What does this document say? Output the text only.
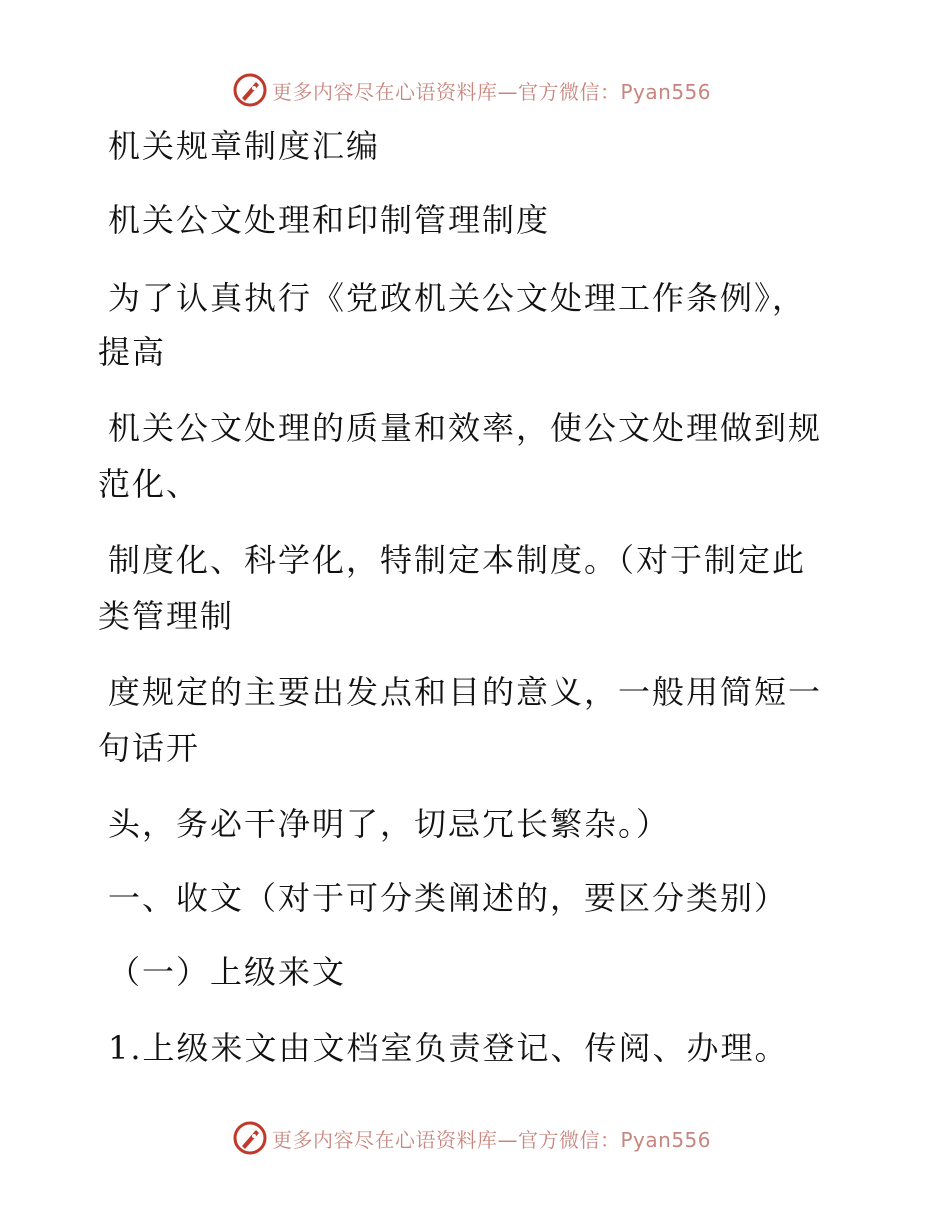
更多内容尽在心语资料库—官方微信：Pyan556
机关规章制度汇编
机关公文处理和印制管理制度
为了认真执行《党政机关公文处理工作条例》，
提高
机关公文处理的质量和效率，使公文处理做到规
范化、
制度化、科学化，特制定本制度。（对于制定此
类管理制
度规定的主要出发点和目的意义，一般用简短一
句话开
头，务必干净明了，切忌冗长繁杂。）
一、收文（对于可分类阐述的，要区分类别）
（一）上级来文
1.上级来文由文档室负责登记、传阅、办理。
更多内容尽在心语资料库—官方微信：Pyan556
